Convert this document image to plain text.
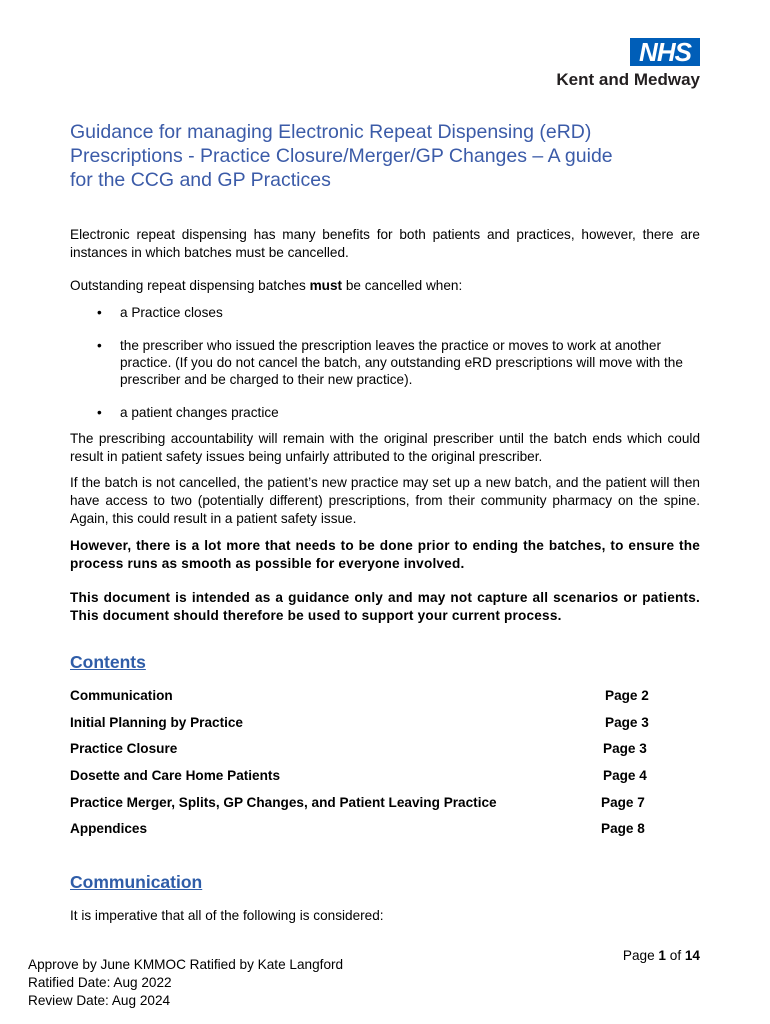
NHS
Kent and Medway
Guidance for managing Electronic Repeat Dispensing (eRD)
Prescriptions - Practice Closure/Merger/GP Changes – A guide
for the CCG and GP Practices
Electronic repeat dispensing has many benefits for both patients and practices, however, there are instances in which batches must be cancelled.
Outstanding repeat dispensing batches must be cancelled when:
• a Practice closes
• the prescriber who issued the prescription leaves the practice or moves to work at another practice. (If you do not cancel the batch, any outstanding eRD prescriptions will move with the prescriber and be charged to their new practice).
• a patient changes practice
The prescribing accountability will remain with the original prescriber until the batch ends which could result in patient safety issues being unfairly attributed to the original prescriber.
If the batch is not cancelled, the patient’s new practice may set up a new batch, and the patient will then have access to two (potentially different) prescriptions, from their community pharmacy on the spine. Again, this could result in a patient safety issue.
However, there is a lot more that needs to be done prior to ending the batches, to ensure the process runs as smooth as possible for everyone involved.
This document is intended as a guidance only and may not capture all scenarios or patients. This document should therefore be used to support your current process.
Contents
Communication	Page 2
Initial Planning by Practice	Page 3
Practice Closure	Page 3
Dosette and Care Home Patients	Page 4
Practice Merger, Splits, GP Changes, and Patient Leaving Practice	Page 7
Appendices	Page 8
Communication
It is imperative that all of the following is considered:
Page 1 of 14
Approve by June KMMOC Ratified by Kate Langford
Ratified Date: Aug 2022
Review Date: Aug 2024
